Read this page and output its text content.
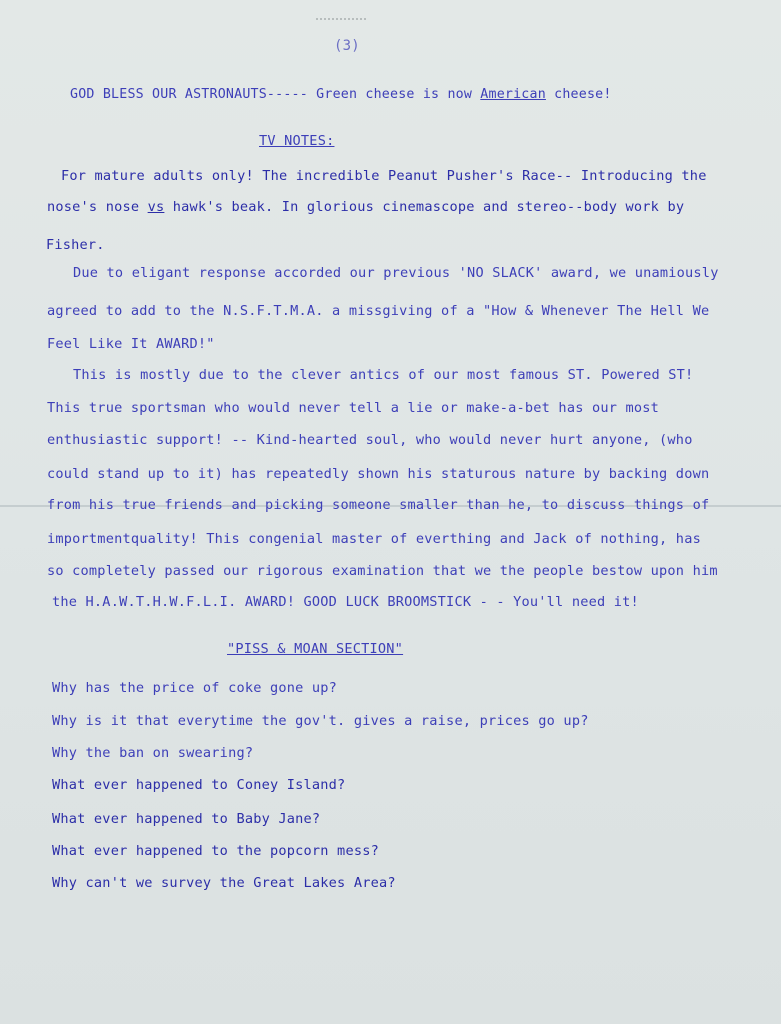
(3)
GOD BLESS OUR ASTRONAUTS----- Green cheese is now American cheese!
TV NOTES:
For mature adults only! The incredible Peanut Pusher's Race-- Introducing the
nose's nose vs hawk's beak. In glorious cinemascope and stereo--body work by
Fisher.
Due to eligant response accorded our previous 'NO SLACK' award, we unamiously
agreed to add to the N.S.F.T.M.A. a missgiving of a "How & Whenever The Hell We
Feel Like It AWARD!"
This is mostly due to the clever antics of our most famous ST. Powered ST!
This true sportsman who would never tell a lie or make-a-bet has our most
enthusiastic support! -- Kind-hearted soul, who would never hurt anyone, (who
could stand up to it) has repeatedly shown his staturous nature by backing down
from his true friends and picking someone smaller than he, to discuss things of
importmentquality! This congenial master of everthing and Jack of nothing, has
so completely passed our rigorous examination that we the people bestow upon him
the H.A.W.T.H.W.F.L.I. AWARD! GOOD LUCK BROOMSTICK - - You'll need it!
"PISS & MOAN SECTION"
Why has the price of coke gone up?
Why is it that everytime the gov't. gives a raise, prices go up?
Why the ban on swearing?
What ever happened to Coney Island?
What ever happened to Baby Jane?
What ever happened to the popcorn mess?
Why can't we survey the Great Lakes Area?
